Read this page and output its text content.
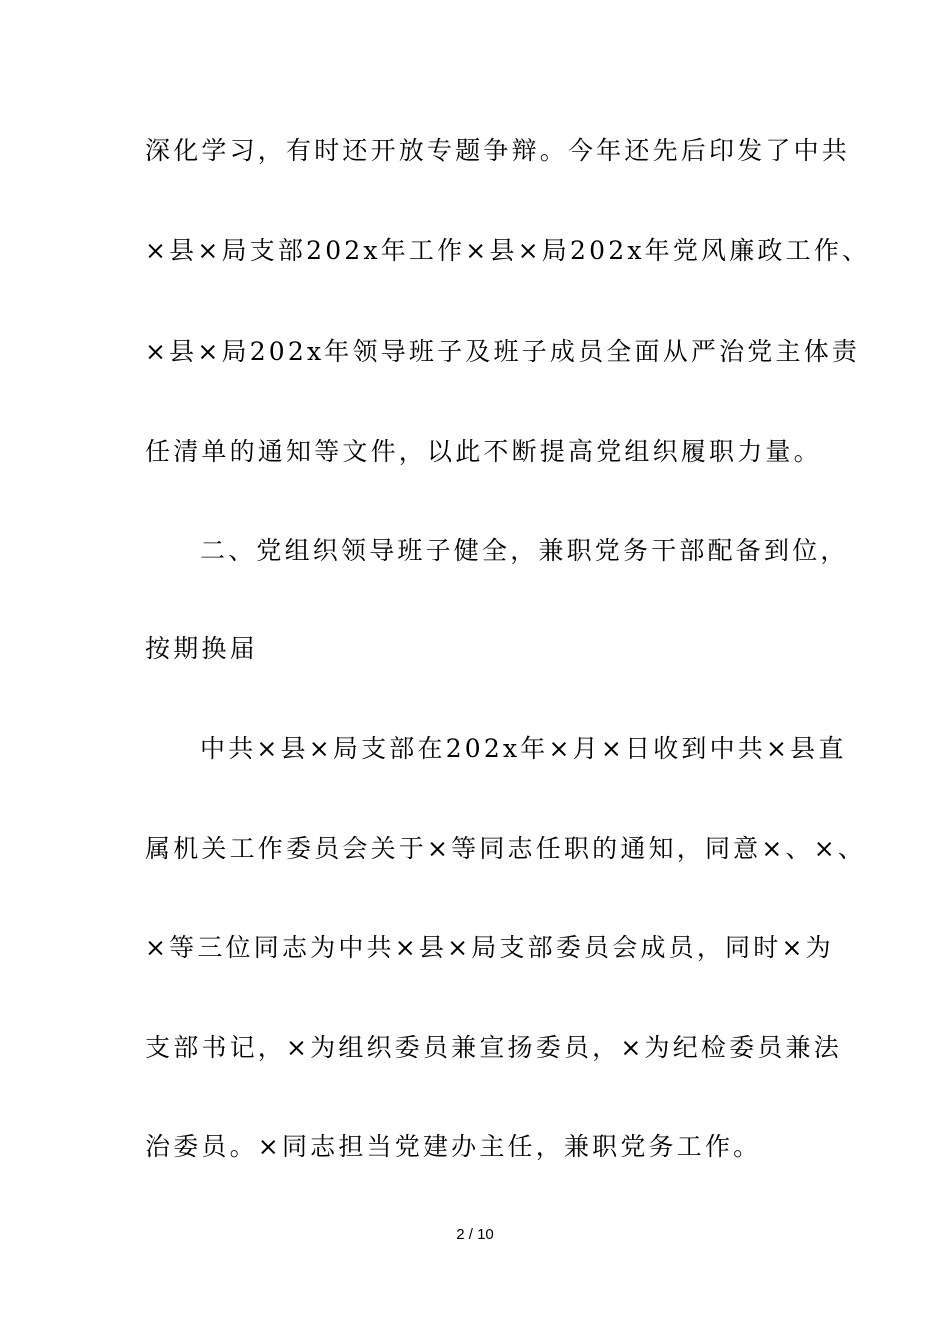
深化学习，有时还开放专题争辩。今年还先后印发了中共
×县×局支部202x年工作×县×局202x年党风廉政工作、
×县×局202x年领导班子及班子成员全面从严治党主体责
任清单的通知等文件，以此不断提高党组织履职力量。
二、党组织领导班子健全，兼职党务干部配备到位，
按期换届
中共×县×局支部在202x年×月×日收到中共×县直
属机关工作委员会关于×等同志任职的通知，同意×、×、
×等三位同志为中共×县×局支部委员会成员，同时×为
支部书记，×为组织委员兼宣扬委员，×为纪检委员兼法
治委员。×同志担当党建办主任，兼职党务工作。
2 / 10
